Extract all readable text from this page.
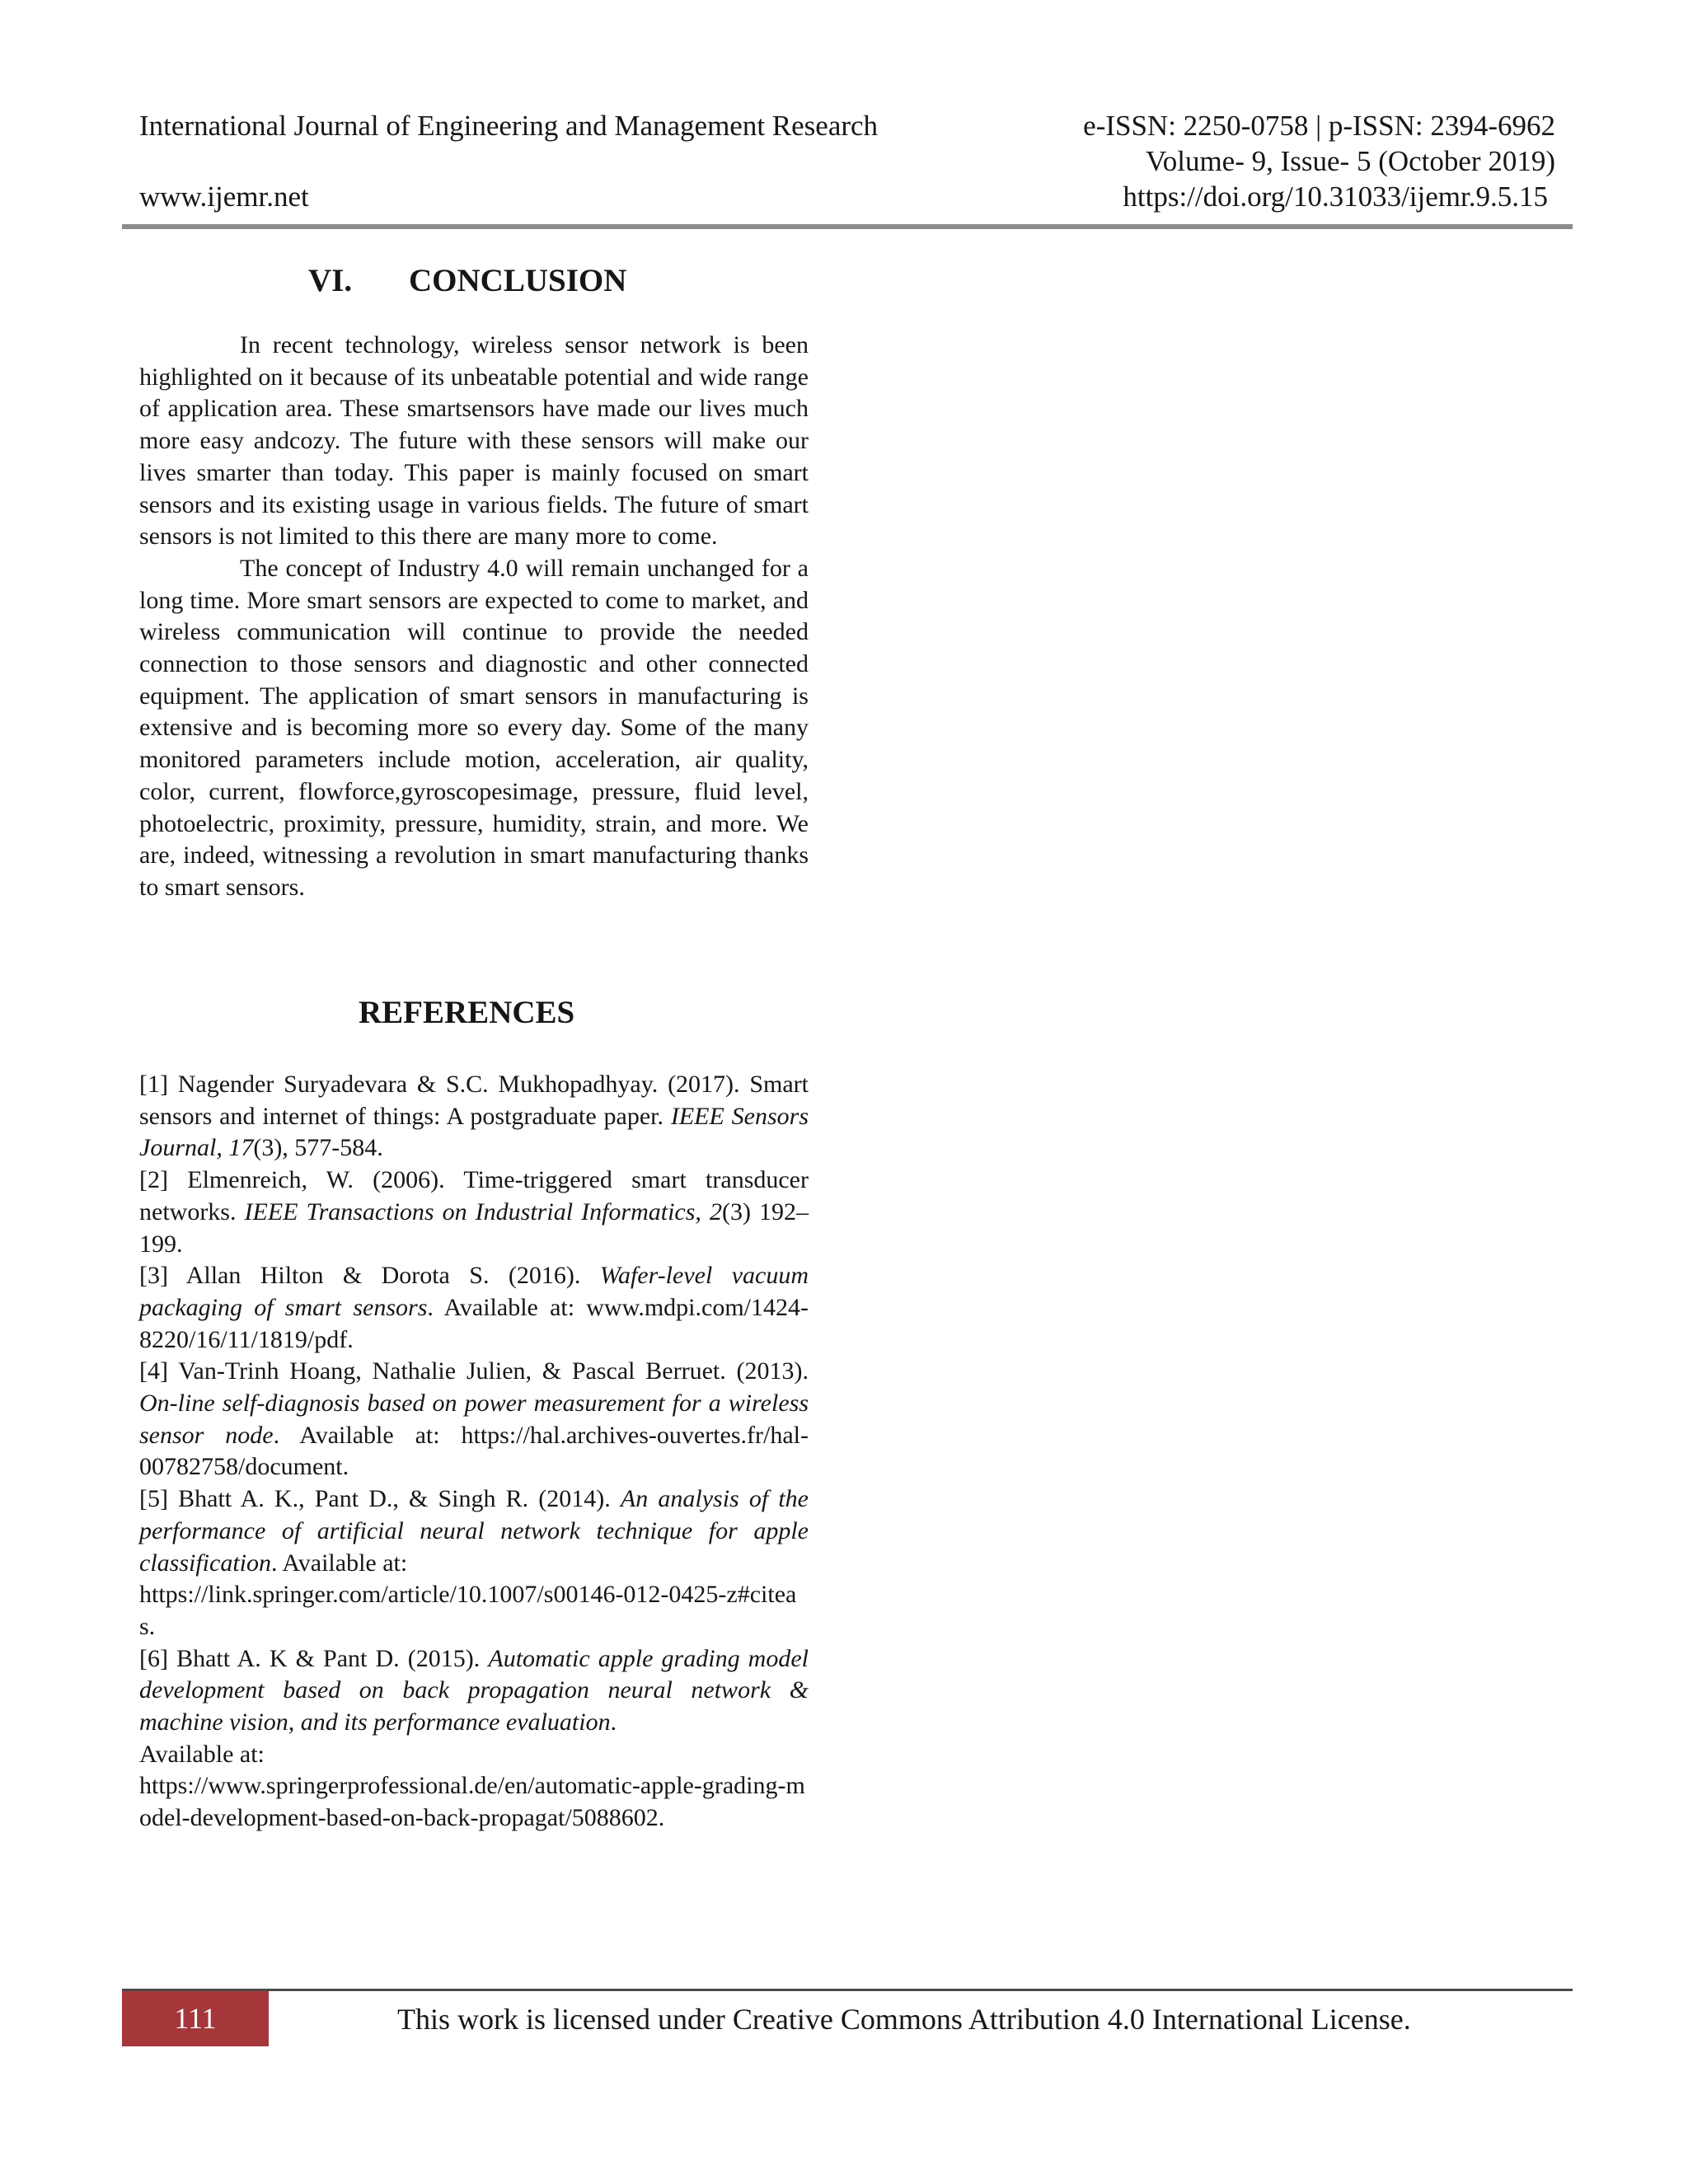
International Journal of Engineering and Management Research	e-ISSN: 2250-0758 | p-ISSN: 2394-6962
Volume- 9, Issue- 5 (October 2019)
www.ijemr.net	https://doi.org/10.31033/ijemr.9.5.15
VI. CONCLUSION

In recent technology, wireless sensor network is been highlighted on it because of its unbeatable potential and wide range of application area. These smartsensors have made our lives much more easy andcozy. The future with these sensors will make our lives smarter than today. This paper is mainly focused on smart sensors and its existing usage in various fields. The future of smart sensors is not limited to this there are many more to come.

The concept of Industry 4.0 will remain unchanged for a long time. More smart sensors are expected to come to market, and wireless communication will continue to provide the needed connection to those sensors and diagnostic and other connected equipment. The application of smart sensors in manufacturing is extensive and is becoming more so every day. Some of the many monitored parameters include motion, acceleration, air quality, color, current, flowforce,gyroscopesimage, pressure, fluid level, photoelectric, proximity, pressure, humidity, strain, and more. We are, indeed, witnessing a revolution in smart manufacturing thanks to smart sensors.

REFERENCES

[1] Nagender Suryadevara & S.C. Mukhopadhyay. (2017). Smart sensors and internet of things: A postgraduate paper. IEEE Sensors Journal, 17(3), 577-584.

[2] Elmenreich, W. (2006). Time-triggered smart transducer networks. IEEE Transactions on Industrial Informatics, 2(3) 192–199.

[3] Allan Hilton & Dorota S. (2016). Wafer-level vacuum packaging of smart sensors. Available at: www.mdpi.com/1424-8220/16/11/1819/pdf.

[4] Van-Trinh Hoang, Nathalie Julien, & Pascal Berruet. (2013). On-line self-diagnosis based on power measurement for a wireless sensor node. Available at: https://hal.archives-ouvertes.fr/hal-00782758/document.

[5] Bhatt A. K., Pant D., & Singh R. (2014). An analysis of the performance of artificial neural network technique for apple classification. Available at:
https://link.springer.com/article/10.1007/s00146-012-0425-z#citeas.

[6] Bhatt A. K & Pant D. (2015). Automatic apple grading model development based on back propagation neural network & machine vision, and its performance evaluation.
Available at:
https://www.springerprofessional.de/en/automatic-apple-grading-model-development-based-on-back-propagat/5088602.

111	This work is licensed under Creative Commons Attribution 4.0 International License.
